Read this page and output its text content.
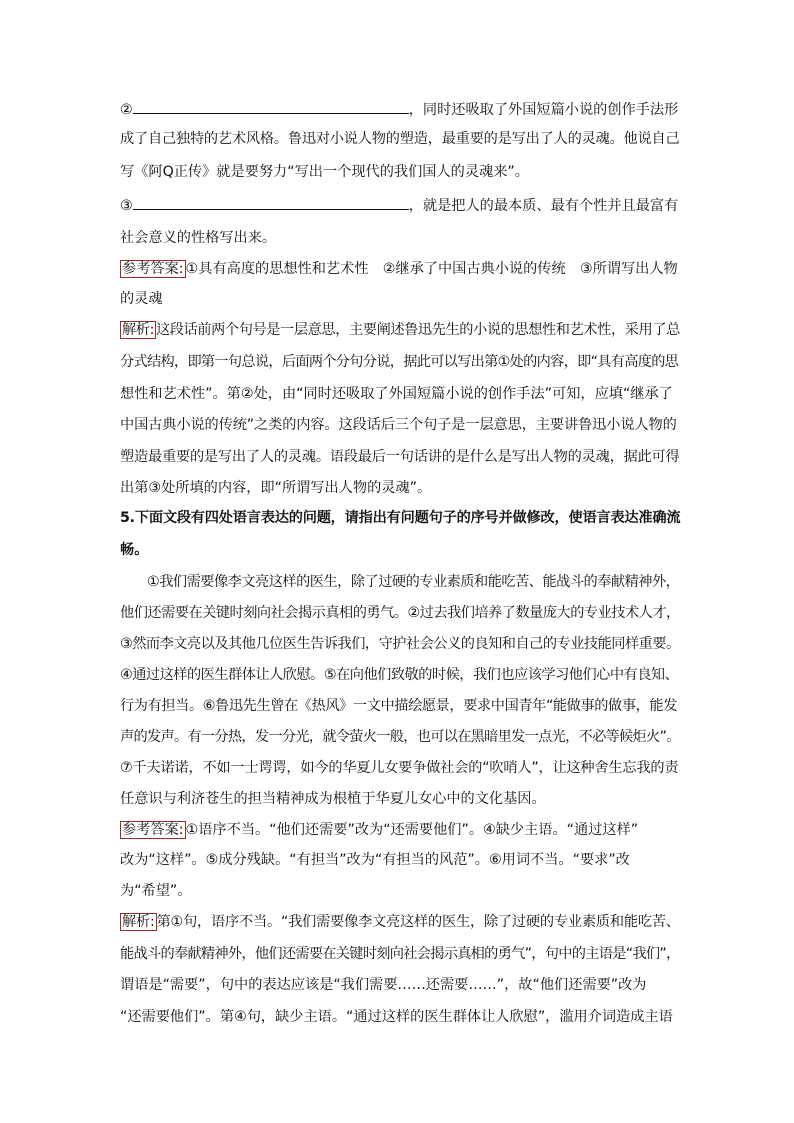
②	，同时还吸取了外国短篇小说的创作手法形
成了自己独特的艺术风格。鲁迅对小说人物的塑造，最重要的是写出了人的灵魂。他说自己
写《阿Q正传》就是要努力“写出一个现代的我们国人的灵魂来”。
③	，就是把人的最本质、最有个性并且最富有
社会意义的性格写出来。
参考答案: ①具有高度的思想性和艺术性　②继承了中国古典小说的传统　③所谓写出人物
的灵魂
解析: 这段话前两个句号是一层意思，主要阐述鲁迅先生的小说的思想性和艺术性，采用了总
分式结构，即第一句总说，后面两个分句分说，据此可以写出第①处的内容，即“具有高度的思
想性和艺术性”。第②处，由“同时还吸取了外国短篇小说的创作手法”可知，应填“继承了
中国古典小说的传统”之类的内容。这段话后三个句子是一层意思，主要讲鲁迅小说人物的
塑造最重要的是写出了人的灵魂。语段最后一句话讲的是什么是写出人物的灵魂，据此可得
出第③处所填的内容，即“所谓写出人物的灵魂”。
5.下面文段有四处语言表达的问题，请指出有问题句子的序号并做修改，使语言表达准确流
畅。
①我们需要像李文亮这样的医生，除了过硬的专业素质和能吃苦、能战斗的奉献精神外，
他们还需要在关键时刻向社会揭示真相的勇气。②过去我们培养了数量庞大的专业技术人才，
③然而李文亮以及其他几位医生告诉我们，守护社会公义的良知和自己的专业技能同样重要。
④通过这样的医生群体让人欣慰。⑤在向他们致敬的时候，我们也应该学习他们心中有良知、
行为有担当。⑥鲁迅先生曾在《热风》一文中描绘愿景，要求中国青年“能做事的做事，能发
声的发声。有一分热，发一分光，就令萤火一般，也可以在黑暗里发一点光，不必等候炬火”。
⑦千夫诺诺，不如一士谔谔，如今的华夏儿女要争做社会的“吹哨人”，让这种舍生忘我的责
任意识与利济苍生的担当精神成为根植于华夏儿女心中的文化基因。
参考答案: ①语序不当。“他们还需要”改为“还需要他们”。④缺少主语。“通过这样”
改为“这样”。⑤成分残缺。“有担当”改为“有担当的风范”。⑥用词不当。“要求”改
为“希望”。
解析: 第①句，语序不当。“我们需要像李文亮这样的医生，除了过硬的专业素质和能吃苦、
能战斗的奉献精神外，他们还需要在关键时刻向社会揭示真相的勇气”，句中的主语是“我们”，
谓语是“需要”，句中的表达应该是“我们需要……还需要……”，故“他们还需要”改为
“还需要他们”。第④句，缺少主语。“通过这样的医生群体让人欣慰”，滥用介词造成主语
